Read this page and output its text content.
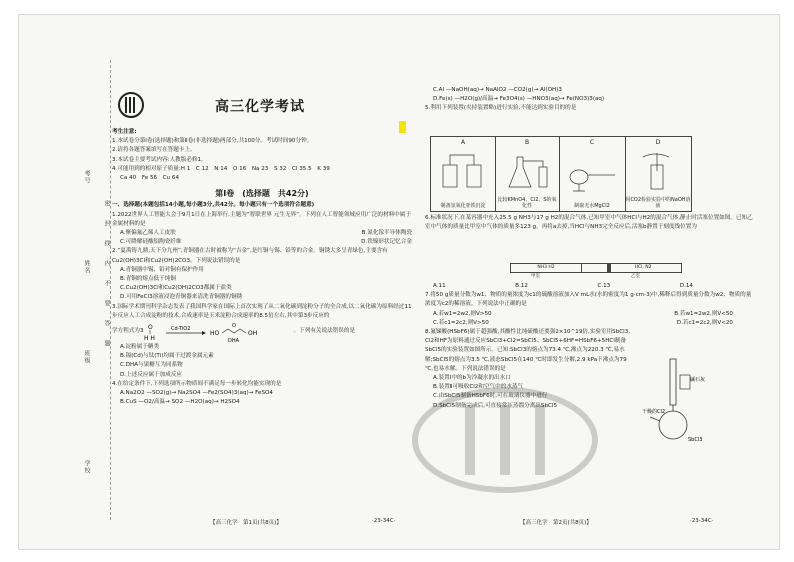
考号
姓名
班级
学校
密　封　线　内　不　要　答　题
高三化学考试
考生注意:
1.本试卷分第Ⅰ卷(选择题)和第Ⅱ卷(非选择题)两部分,共100分。考试时间90分钟。
2.请将各题答案填写在答题卡上。
3.本试卷主要考试内容:人教版必修1。
4.可能用到的相对原子质量:H 1　C 12　N 14　O 16　Na 23　S 32　Cl 35.5　K 39
Ca 40　Fe 56　Cu 64
第Ⅰ卷　(选择题　共42分)
一、选择题(本题包括14小题,每小题3分,共42分。每小题只有一个选项符合题意)
1.2022世界人工智能大会于9月1日在上海举行,主题为“智联世界 元生无界”。下列在人工智能领域应用广泛的材料中属于金属材料的是
A.聚偏氟乙烯人工皮肤	B.氮化镓半导体陶瓷
C.可降解硅酸铝陶瓷纤维	D.铁镍形状记忆合金
2.“夏禹铸九鼎,天下分九州”,青铜器在古时被称为“吉金”,是红铜与锡、铅等的合金。铜锈大多呈青绿色,主要含有Cu2(OH)3Cl和Cu2(OH)2CO3。下列说法错误的是
A.青铜器中锡、铅对铜有保护作用
B.青铜的熔点低于纯铜
C.Cu2(OH)3Cl和Cu2(OH)2CO3都属于盐类
D.可用FeCl3溶液浸泡青铜器来清洗青铜器的铜锈
3.国际学术期刊科学杂志发表了我国科学家在国际上首次实现了从二氧化碳到淀粉分子的全合成,以二氧化碳为原料经过11步反应人工合成淀粉的技术,合成速率是玉米淀粉合成速率的8.5倍左右,其中第3步反应的
学方程式为3
O
H H
Cd-TiO2
HO	OH
O
DHA
。下列有关说法错误的是
A.淀粉属于糖类
B.镉(Cd)与钛(Ti)均属于过渡金属元素
C.DHA与果糖互为同系物
D.上述反应属于加成反应
4.在给定条件下,下列选项所示物质间不满足每一步转化均能实现的是
A.Na2O2 —SO2(g)→ Na2SO4 —Fe2(SO4)3(aq)→ FeSO4
B.CuS —O2/高温→ SO2 —H2O(aq)→ H2SO4
C.Al —NaOH(aq)→ NaAlO2 —CO2(g)→ Al(OH)3
D.Fe(s) —H2O(g)/高温→ Fe3O4(s) —HNO3(aq)→ Fe(NO3)3(aq)
5.利用下列装置(夹持装置略)进行实验,不能达到实验目的的是
A
制备氢氧化亚铁沉淀
B
比较KMnO4、Cl2、S的氧化性
C
制取无水MgCl2
D
用CO2检验实验中的NaOH溶液
6.标准状况下,在某容器中充入25.5 g NH3与17 g H2的混合气体,已知甲室中气体HCl与H2的混合气体,静止时活塞位置如图。已知乙室中气体的质量比甲室中气体的质量多123 g。再将a去掉,当HCl与NH3完全反应后,活塞b静置于刻度线位置为
NH3 H2	HCl, N2
甲室	乙室
A.11	B.12	C.13	D.14
7.将50 g质量分数为w1、物质的量浓度为c1的硫酸溶液加入V mL水(水的密度为1 g·cm-3)中,稀释后得到质量分数为w2、物质的量浓度为c2的稀溶液。下列说法中正确的是
A.若w1=2w2,则V>50	B.若w1=2w2,则V<50
C.若c1=2c2,则V>50	D.若c1=2c2,则V<20
8.氟锑酸(HSbF6)属于超强酸,其酸性比纯硫酸还要强2×10^19倍,实验室用SbCl3、Cl2和HF为原料通过反应SbCl3+Cl2=SbCl5、SbCl5+6HF=HSbF6+5HCl制备SbCl5的实验装置如图所示。已知:SbCl3的熔点为73.4 ℃,沸点为220.3 ℃,易水解;SbCl5的熔点为3.5 ℃,液态SbCl5在140 ℃时即发生分解,2.9 kPa下沸点为79 ℃,也易水解。下列说法错误的是
A.装置Ⅰ中的b为冷凝水的出水口
B.装置Ⅱ可吸收Cl2和空气中的水蒸气
C.由SbCl5制备HSbF6时,可在玻璃仪器中进行
D.SbCl5制备完成后,可直接常压蒸馏分离出SbCl5
碱石灰
干燥的Cl2
SbCl3
【高三化学　第1页(共8页)】	·23-34C·	【高三化学　第2页(共8页)】	·23-34C·
